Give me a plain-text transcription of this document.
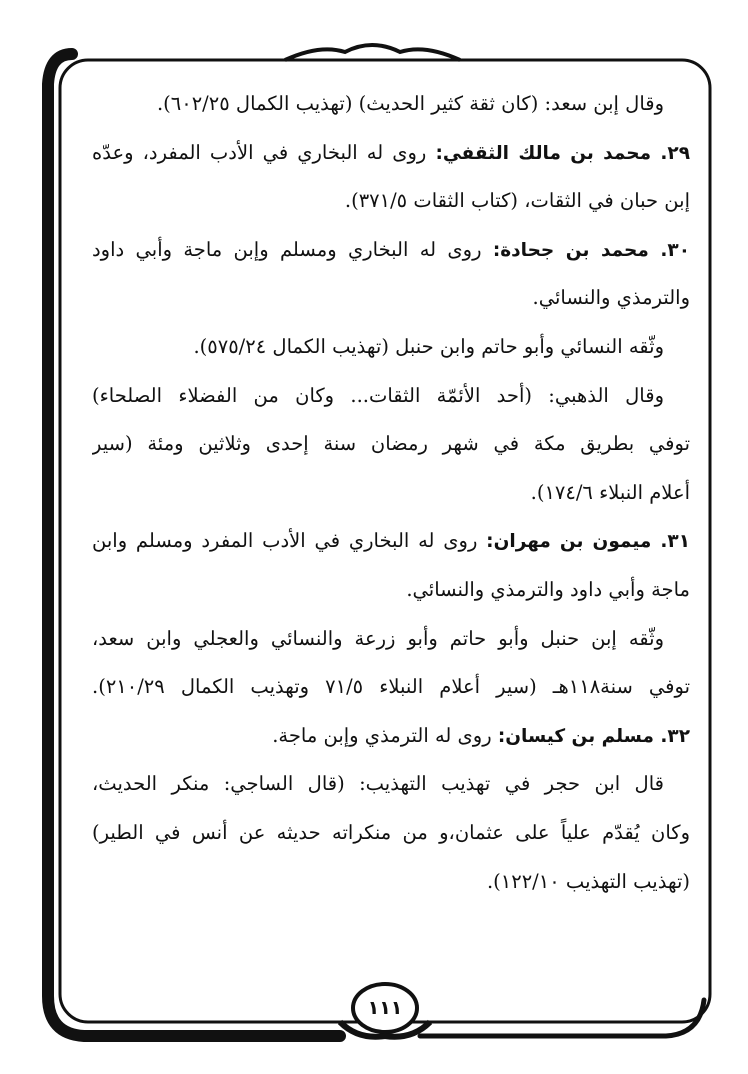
وقال إبن سعد: (كان ثقة كثير الحديث) (تهذيب الكمال ٦٠٢/٢٥).
٢٩. محمد بن مالك الثقفي: روى له البخاري في الأدب المفرد، وعدّه
إبن حبان في الثقات، (كتاب الثقات ٣٧١/٥).
٣٠. محمد بن جحادة: روى له البخاري ومسلم وإبن ماجة وأبي داود
والترمذي والنسائي.
وثّقه النسائي وأبو حاتم وابن حنبل (تهذيب الكمال ٥٧٥/٢٤).
وقال الذهبي: (أحد الأئمّة الثقات... وكان من الفضلاء الصلحاء)
توفي بطريق مكة في شهر رمضان سنة إحدى وثلاثين ومئة (سير
أعلام النبلاء ١٧٤/٦).
٣١. ميمون بن مهران: روى له البخاري في الأدب المفرد ومسلم وابن
ماجة وأبي داود والترمذي والنسائي.
وثّقه إبن حنبل وأبو حاتم وأبو زرعة والنسائي والعجلي وابن سعد،
توفي سنة١١٨هـ (سير أعلام النبلاء ٧١/٥ وتهذيب الكمال ٢١٠/٢٩).
٣٢. مسلم بن كيسان: روى له الترمذي وإبن ماجة.
قال ابن حجر في تهذيب التهذيب: (قال الساجي: منكر الحديث،
وكان يُقدّم علياً على عثمان،و من منكراته حديثه عن أنس في الطير)
(تهذيب التهذيب ١٢٢/١٠).
١١١
